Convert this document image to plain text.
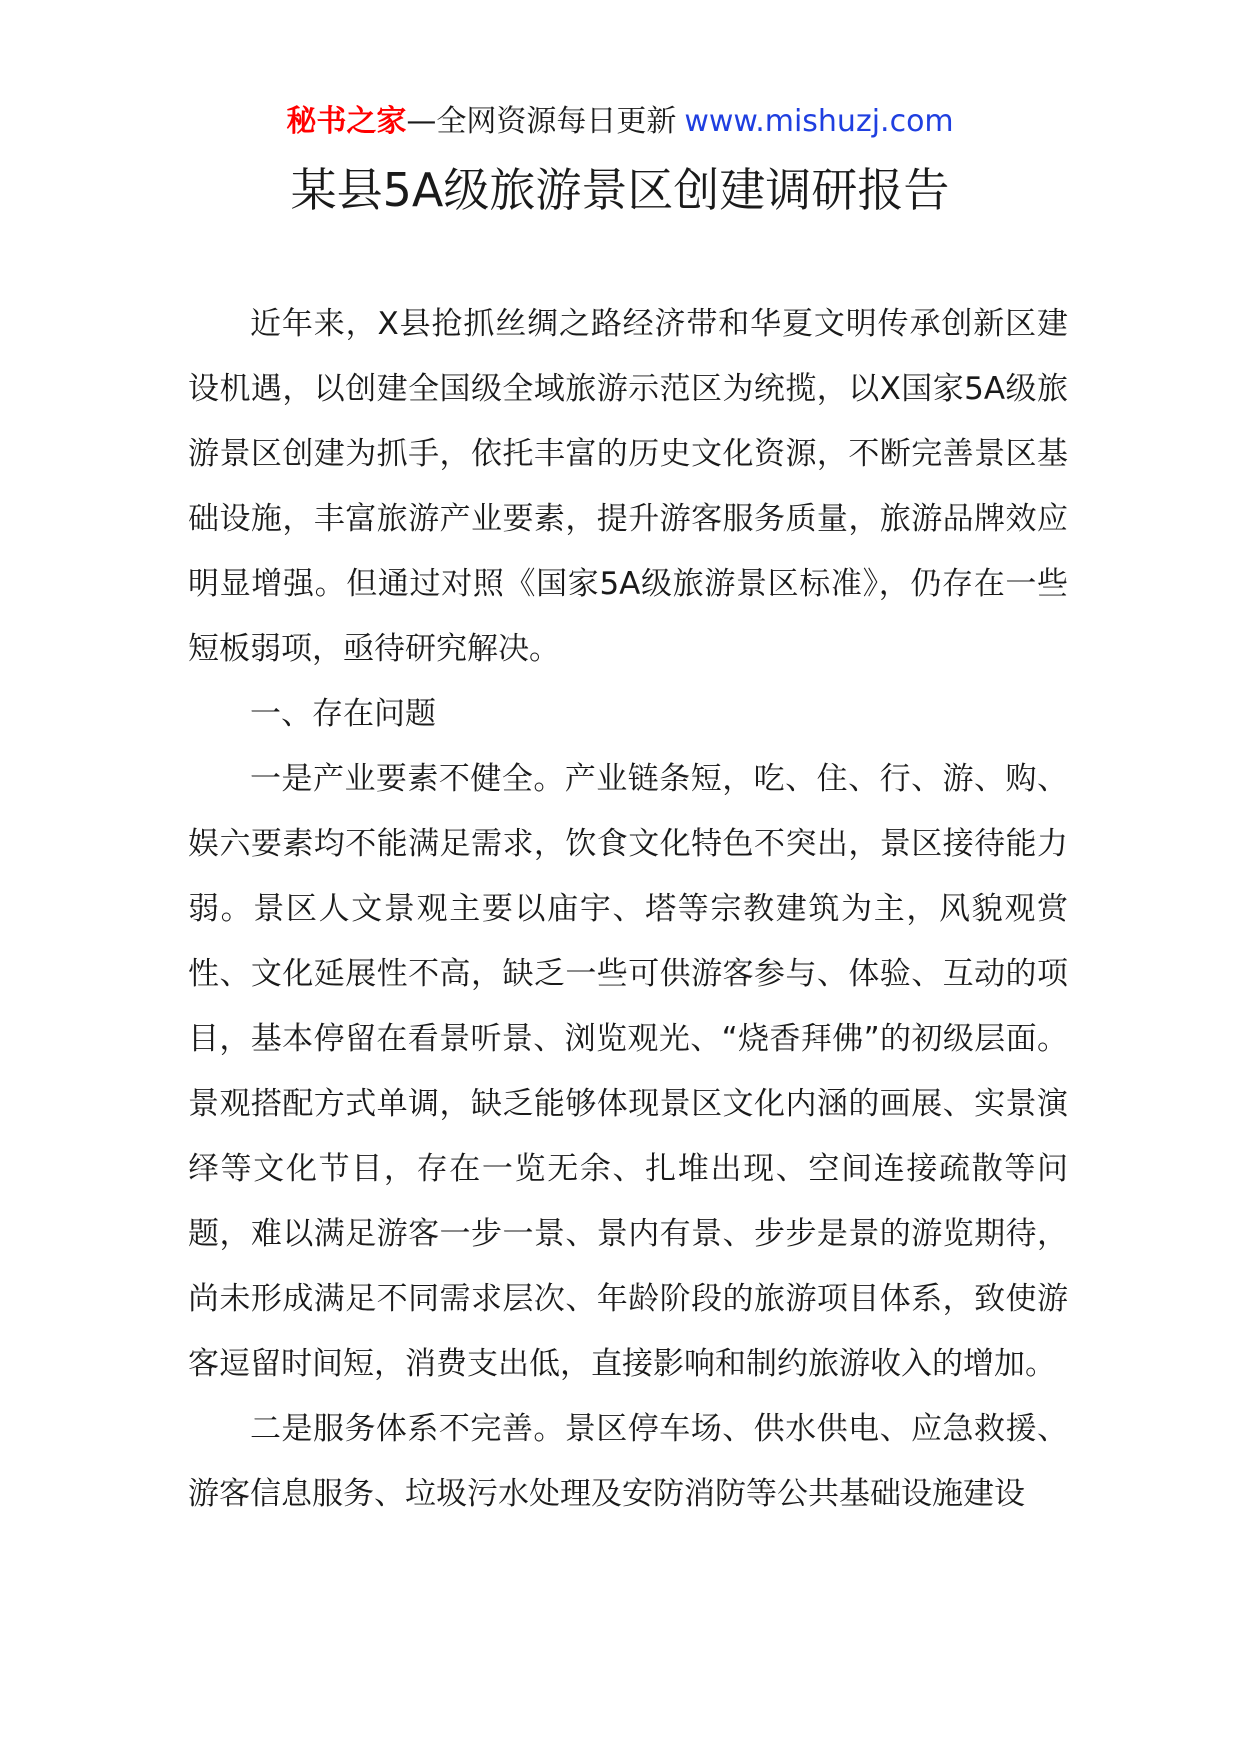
秘书之家—全网资源每日更新 www.mishuzj.com
某县5A级旅游景区创建调研报告

近年来，X县抢抓丝绸之路经济带和华夏文明传承创新区建设机遇，以创建全国级全域旅游示范区为统揽，以X国家5A级旅游景区创建为抓手，依托丰富的历史文化资源，不断完善景区基础设施，丰富旅游产业要素，提升游客服务质量，旅游品牌效应明显增强。但通过对照《国家5A级旅游景区标准》，仍存在一些短板弱项，亟待研究解决。

一、存在问题

一是产业要素不健全。产业链条短，吃、住、行、游、购、娱六要素均不能满足需求，饮食文化特色不突出，景区接待能力弱。景区人文景观主要以庙宇、塔等宗教建筑为主，风貌观赏性、文化延展性不高，缺乏一些可供游客参与、体验、互动的项目，基本停留在看景听景、浏览观光、“烧香拜佛”的初级层面。景观搭配方式单调，缺乏能够体现景区文化内涵的画展、实景演绎等文化节目，存在一览无余、扎堆出现、空间连接疏散等问题，难以满足游客一步一景、景内有景、步步是景的游览期待，尚未形成满足不同需求层次、年龄阶段的旅游项目体系，致使游客逗留时间短，消费支出低，直接影响和制约旅游收入的增加。

二是服务体系不完善。景区停车场、供水供电、应急救援、游客信息服务、垃圾污水处理及安防消防等公共基础设施建设
